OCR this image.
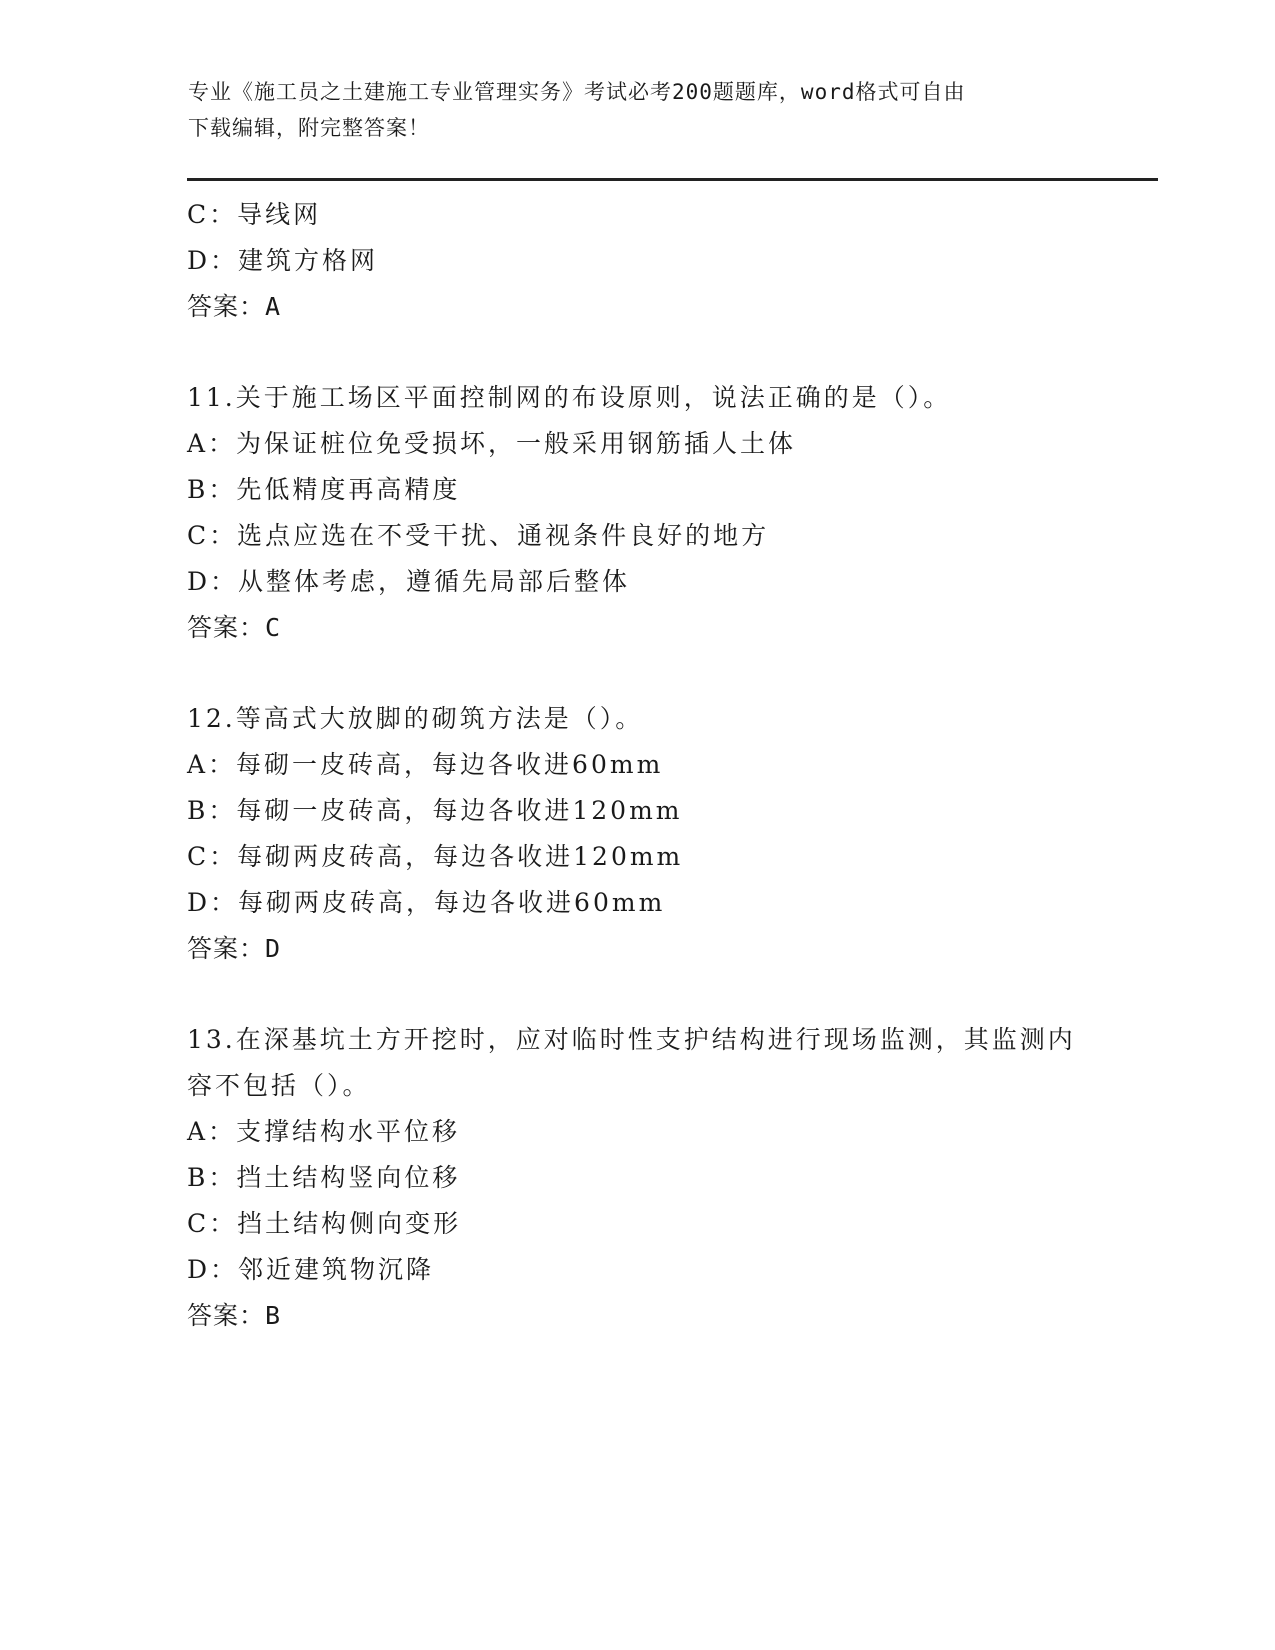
专业《施工员之土建施工专业管理实务》考试必考200题题库，word格式可自由
下载编辑，附完整答案！
C：导线网
D：建筑方格网
答案：A
11.关于施工场区平面控制网的布设原则，说法正确的是（）。
A：为保证桩位免受损坏，一般采用钢筋插人土体
B：先低精度再高精度
C：选点应选在不受干扰、通视条件良好的地方
D：从整体考虑，遵循先局部后整体
答案：C
12.等高式大放脚的砌筑方法是（）。
A：每砌一皮砖高，每边各收进60mm
B：每砌一皮砖高，每边各收进120mm
C：每砌两皮砖高，每边各收进120mm
D：每砌两皮砖高，每边各收进60mm
答案：D
13.在深基坑土方开挖时，应对临时性支护结构进行现场监测，其监测内容不包括（）。
A：支撑结构水平位移
B：挡土结构竖向位移
C：挡土结构侧向变形
D：邻近建筑物沉降
答案：B
